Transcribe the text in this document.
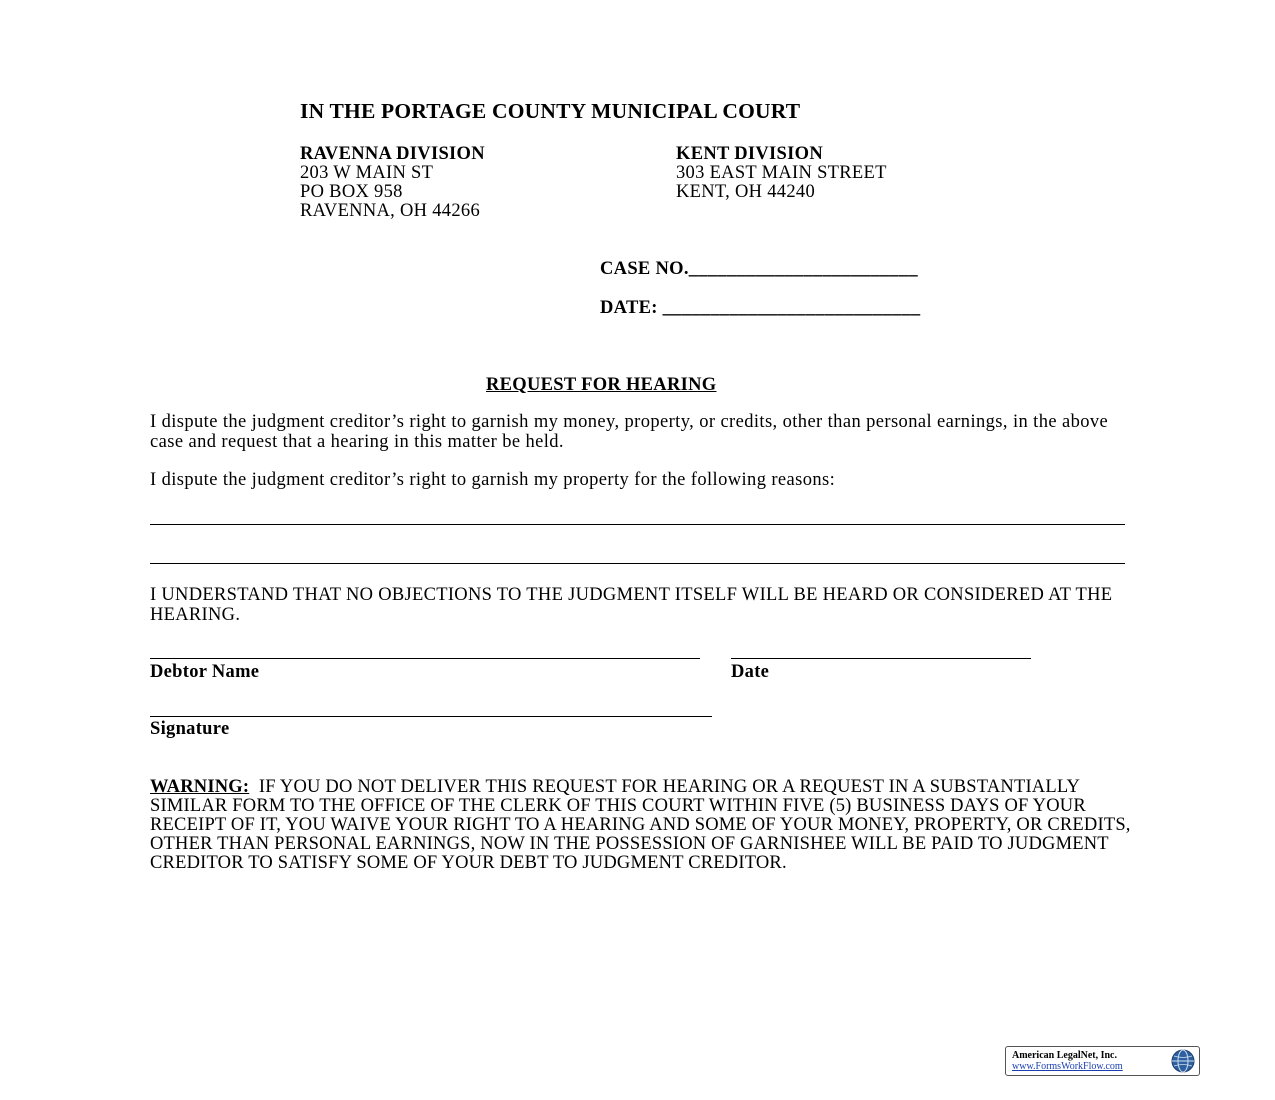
IN THE PORTAGE COUNTY MUNICIPAL COURT
RAVENNA DIVISION
203 W MAIN ST
PO BOX 958
RAVENNA, OH 44266
KENT DIVISION
303 EAST MAIN STREET
KENT, OH 44240
CASE NO.________________________
DATE: ___________________________
REQUEST FOR HEARING

I dispute the judgment creditor’s right to garnish my money, property, or credits, other than personal earnings, in the above case and request that a hearing in this matter be held.

I dispute the judgment creditor’s right to garnish my property for the following reasons:

I UNDERSTAND THAT NO OBJECTIONS TO THE JUDGMENT ITSELF WILL BE HEARD OR CONSIDERED AT THE HEARING.

Debtor Name	Date
Signature

WARNING: IF YOU DO NOT DELIVER THIS REQUEST FOR HEARING OR A REQUEST IN A SUBSTANTIALLY SIMILAR FORM TO THE OFFICE OF THE CLERK OF THIS COURT WITHIN FIVE (5) BUSINESS DAYS OF YOUR RECEIPT OF IT, YOU WAIVE YOUR RIGHT TO A HEARING AND SOME OF YOUR MONEY, PROPERTY, OR CREDITS, OTHER THAN PERSONAL EARNINGS, NOW IN THE POSSESSION OF GARNISHEE WILL BE PAID TO JUDGMENT CREDITOR TO SATISFY SOME OF YOUR DEBT TO JUDGMENT CREDITOR.

American LegalNet, Inc.
www.FormsWorkFlow.com
